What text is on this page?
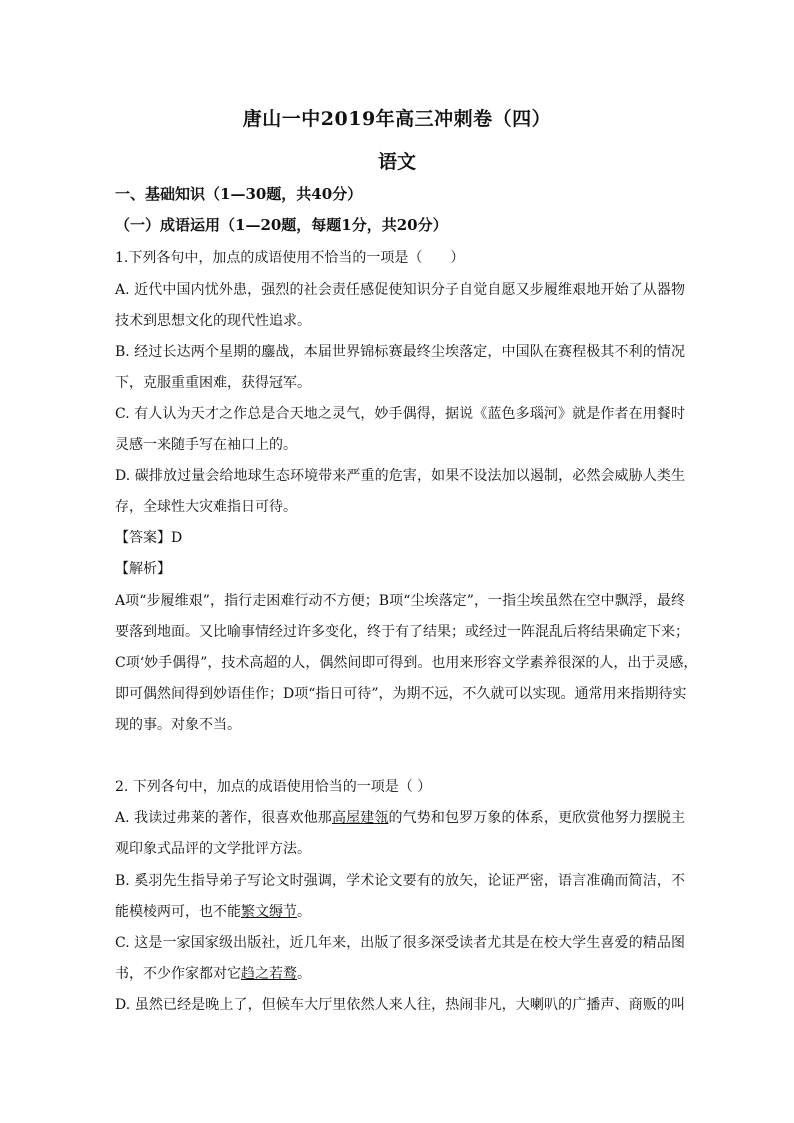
唐山一中2019年高三冲刺卷（四）
语文
一、基础知识（1—30题，共40分）
（一）成语运用（1—20题，每题1分，共20分）
1.下列各句中，加点的成语使用不恰当的一项是（　　）
A. 近代中国内忧外患，强烈的社会责任感促使知识分子自觉自愿又步履维艰地开始了从器物
技术到思想文化的现代性追求。
B. 经过长达两个星期的鏖战，本届世界锦标赛最终尘埃落定，中国队在赛程极其不利的情况
下，克服重重困难，获得冠军。
C. 有人认为天才之作总是合天地之灵气，妙手偶得，据说《蓝色多瑙河》就是作者在用餐时
灵感一来随手写在袖口上的。
D. 碳排放过量会给地球生态环境带来严重的危害，如果不设法加以遏制，必然会威胁人类生
存，全球性大灾难指日可待。
【答案】D
【解析】
A项“步履维艰”，指行走困难行动不方便；B项“尘埃落定”，一指尘埃虽然在空中飘浮，最终
要落到地面。又比喻事情经过许多变化，终于有了结果；或经过一阵混乱后将结果确定下来；
C项‘妙手偶得”，技术高超的人，偶然间即可得到。也用来形容文学素养很深的人，出于灵感，
即可偶然间得到妙语佳作；D项“指日可待”，为期不远，不久就可以实现。通常用来指期待实
现的事。对象不当。
2. 下列各句中，加点的成语使用恰当的一项是（ ）
A. 我读过弗莱的著作，很喜欢他那高屋建瓴的气势和包罗万象的体系，更欣赏他努力摆脱主
观印象式品评的文学批评方法。
B. 奚羽先生指导弟子写论文时强调，学术论文要有的放矢，论证严密，语言准确而简洁，不
能模棱两可，也不能繁文缛节。
C. 这是一家国家级出版社，近几年来，出版了很多深受读者尤其是在校大学生喜爱的精品图
书，不少作家都对它趋之若鹜。
D. 虽然已经是晚上了，但候车大厅里依然人来人往，热闹非凡，大喇叭的广播声、商贩的叫
